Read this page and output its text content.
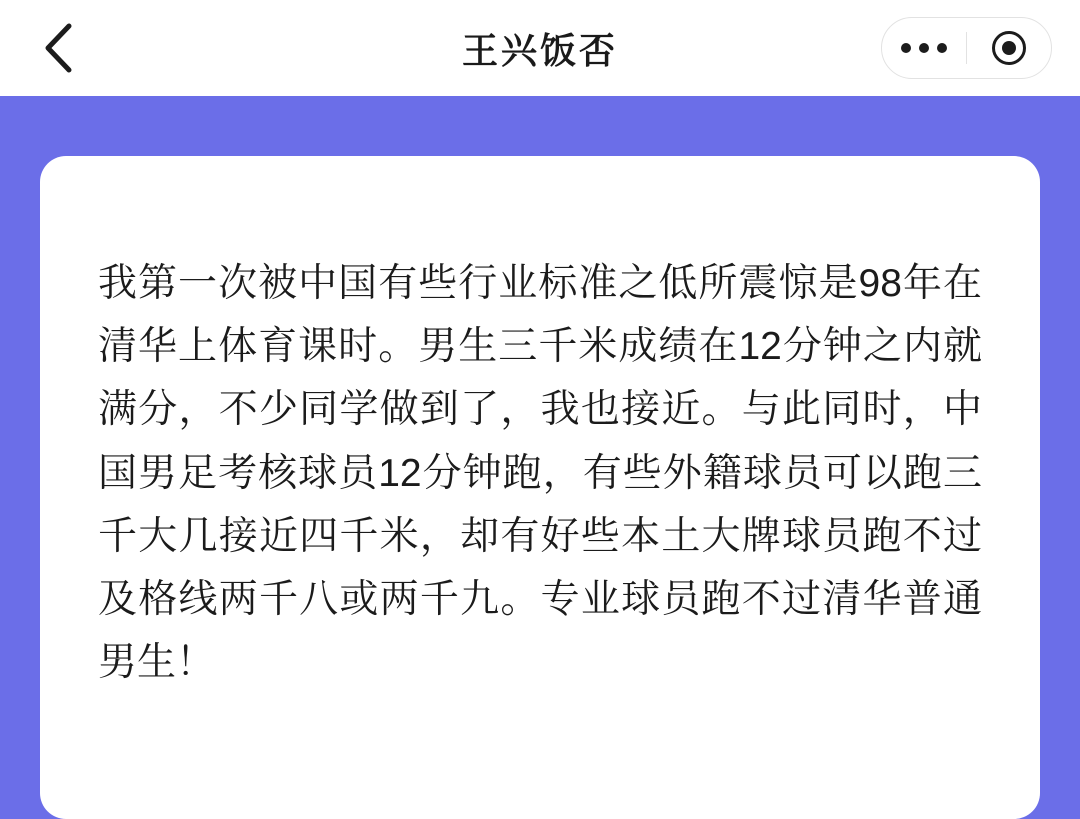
王兴饭否

我第一次被中国有些行业标准之低所震惊是98年在清华上体育课时。男生三千米成绩在12分钟之内就满分，不少同学做到了，我也接近。与此同时，中国男足考核球员12分钟跑，有些外籍球员可以跑三千大几接近四千米，却有好些本土大牌球员跑不过及格线两千八或两千九。专业球员跑不过清华普通男生！
